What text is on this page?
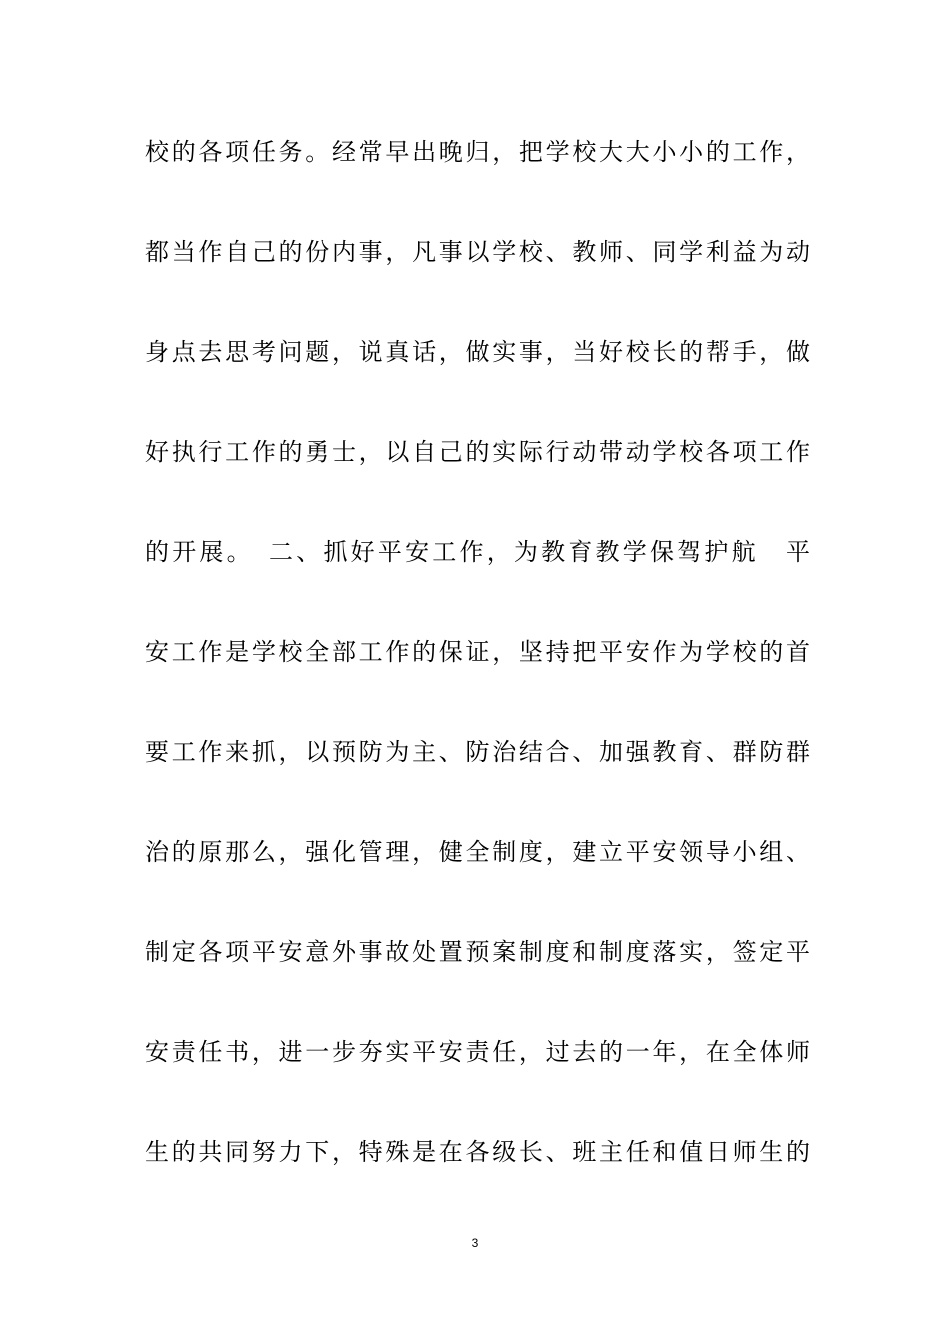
校的各项任务。经常早出晚归，把学校大大小小的工作，
都当作自己的份内事，凡事以学校、教师、同学利益为动
身点去思考问题，说真话，做实事，当好校长的帮手，做
好执行工作的勇士，以自己的实际行动带动学校各项工作
的开展。　二、抓好平安工作，为教育教学保驾护航　平
安工作是学校全部工作的保证，坚持把平安作为学校的首
要工作来抓，以预防为主、防治结合、加强教育、群防群
治的原那么，强化管理，健全制度，建立平安领导小组、
制定各项平安意外事故处置预案制度和制度落实，签定平
安责任书，进一步夯实平安责任，过去的一年，在全体师
生的共同努力下，特殊是在各级长、班主任和值日师生的
3
